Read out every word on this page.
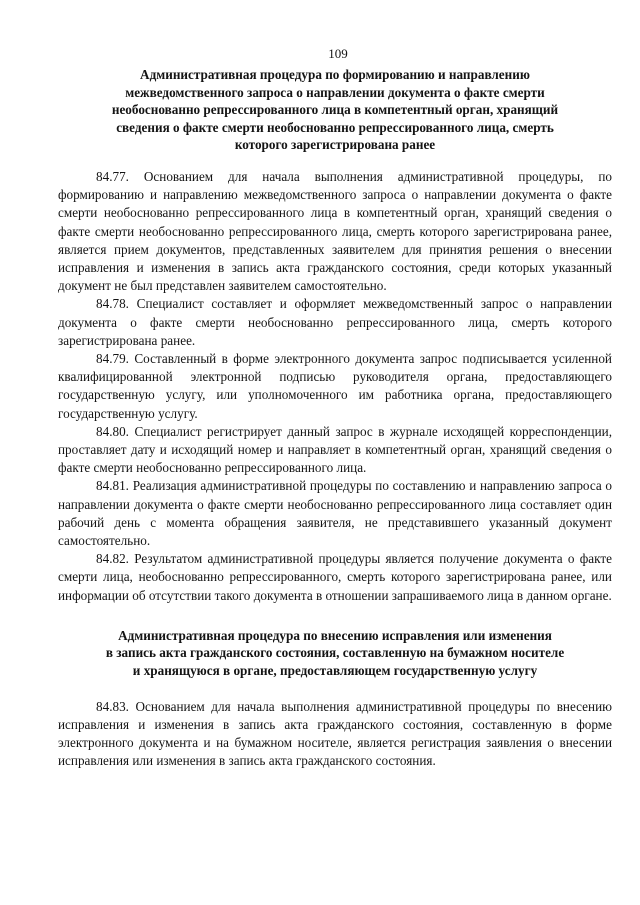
109
Административная процедура по формированию и направлению
межведомственного запроса о направлении документа о факте смерти
необоснованно репрессированного лица в компетентный орган, хранящий
сведения о факте смерти необоснованно репрессированного лица, смерть
которого зарегистрирована ранее

84.77. Основанием для начала выполнения административной процедуры, по формированию и направлению межведомственного запроса о направлении документа о факте смерти необоснованно репрессированного лица в компетентный орган, хранящий сведения о факте смерти необоснованно репрессированного лица, смерть которого зарегистрирована ранее, является прием документов, представленных заявителем для принятия решения о внесении исправления и изменения в запись акта гражданского состояния, среди которых указанный документ не был представлен заявителем самостоятельно.

84.78. Специалист составляет и оформляет межведомственный запрос о направлении документа о факте смерти необоснованно репрессированного лица, смерть которого зарегистрирована ранее.

84.79. Составленный в форме электронного документа запрос подписывается усиленной квалифицированной электронной подписью руководителя органа, предоставляющего государственную услугу, или уполномоченного им работника органа, предоставляющего государственную услугу.

84.80. Специалист регистрирует данный запрос в журнале исходящей корреспонденции, проставляет дату и исходящий номер и направляет в компетентный орган, хранящий сведения о факте смерти необоснованно репрессированного лица.

84.81. Реализация административной процедуры по составлению и направлению запроса о направлении документа о факте смерти необоснованно репрессированного лица составляет один рабочий день с момента обращения заявителя, не представившего указанный документ самостоятельно.

84.82. Результатом административной процедуры является получение документа о факте смерти лица, необоснованно репрессированного, смерть которого зарегистрирована ранее, или информации об отсутствии такого документа в отношении запрашиваемого лица в данном органе.

Административная процедура по внесению исправления или изменения
в запись акта гражданского состояния, составленную на бумажном носителе
и хранящуюся в органе, предоставляющем государственную услугу

84.83. Основанием для начала выполнения административной процедуры по внесению исправления и изменения в запись акта гражданского состояния, составленную в форме электронного документа и на бумажном носителе, является регистрация заявления о внесении исправления или изменения в запись акта гражданского состояния.
